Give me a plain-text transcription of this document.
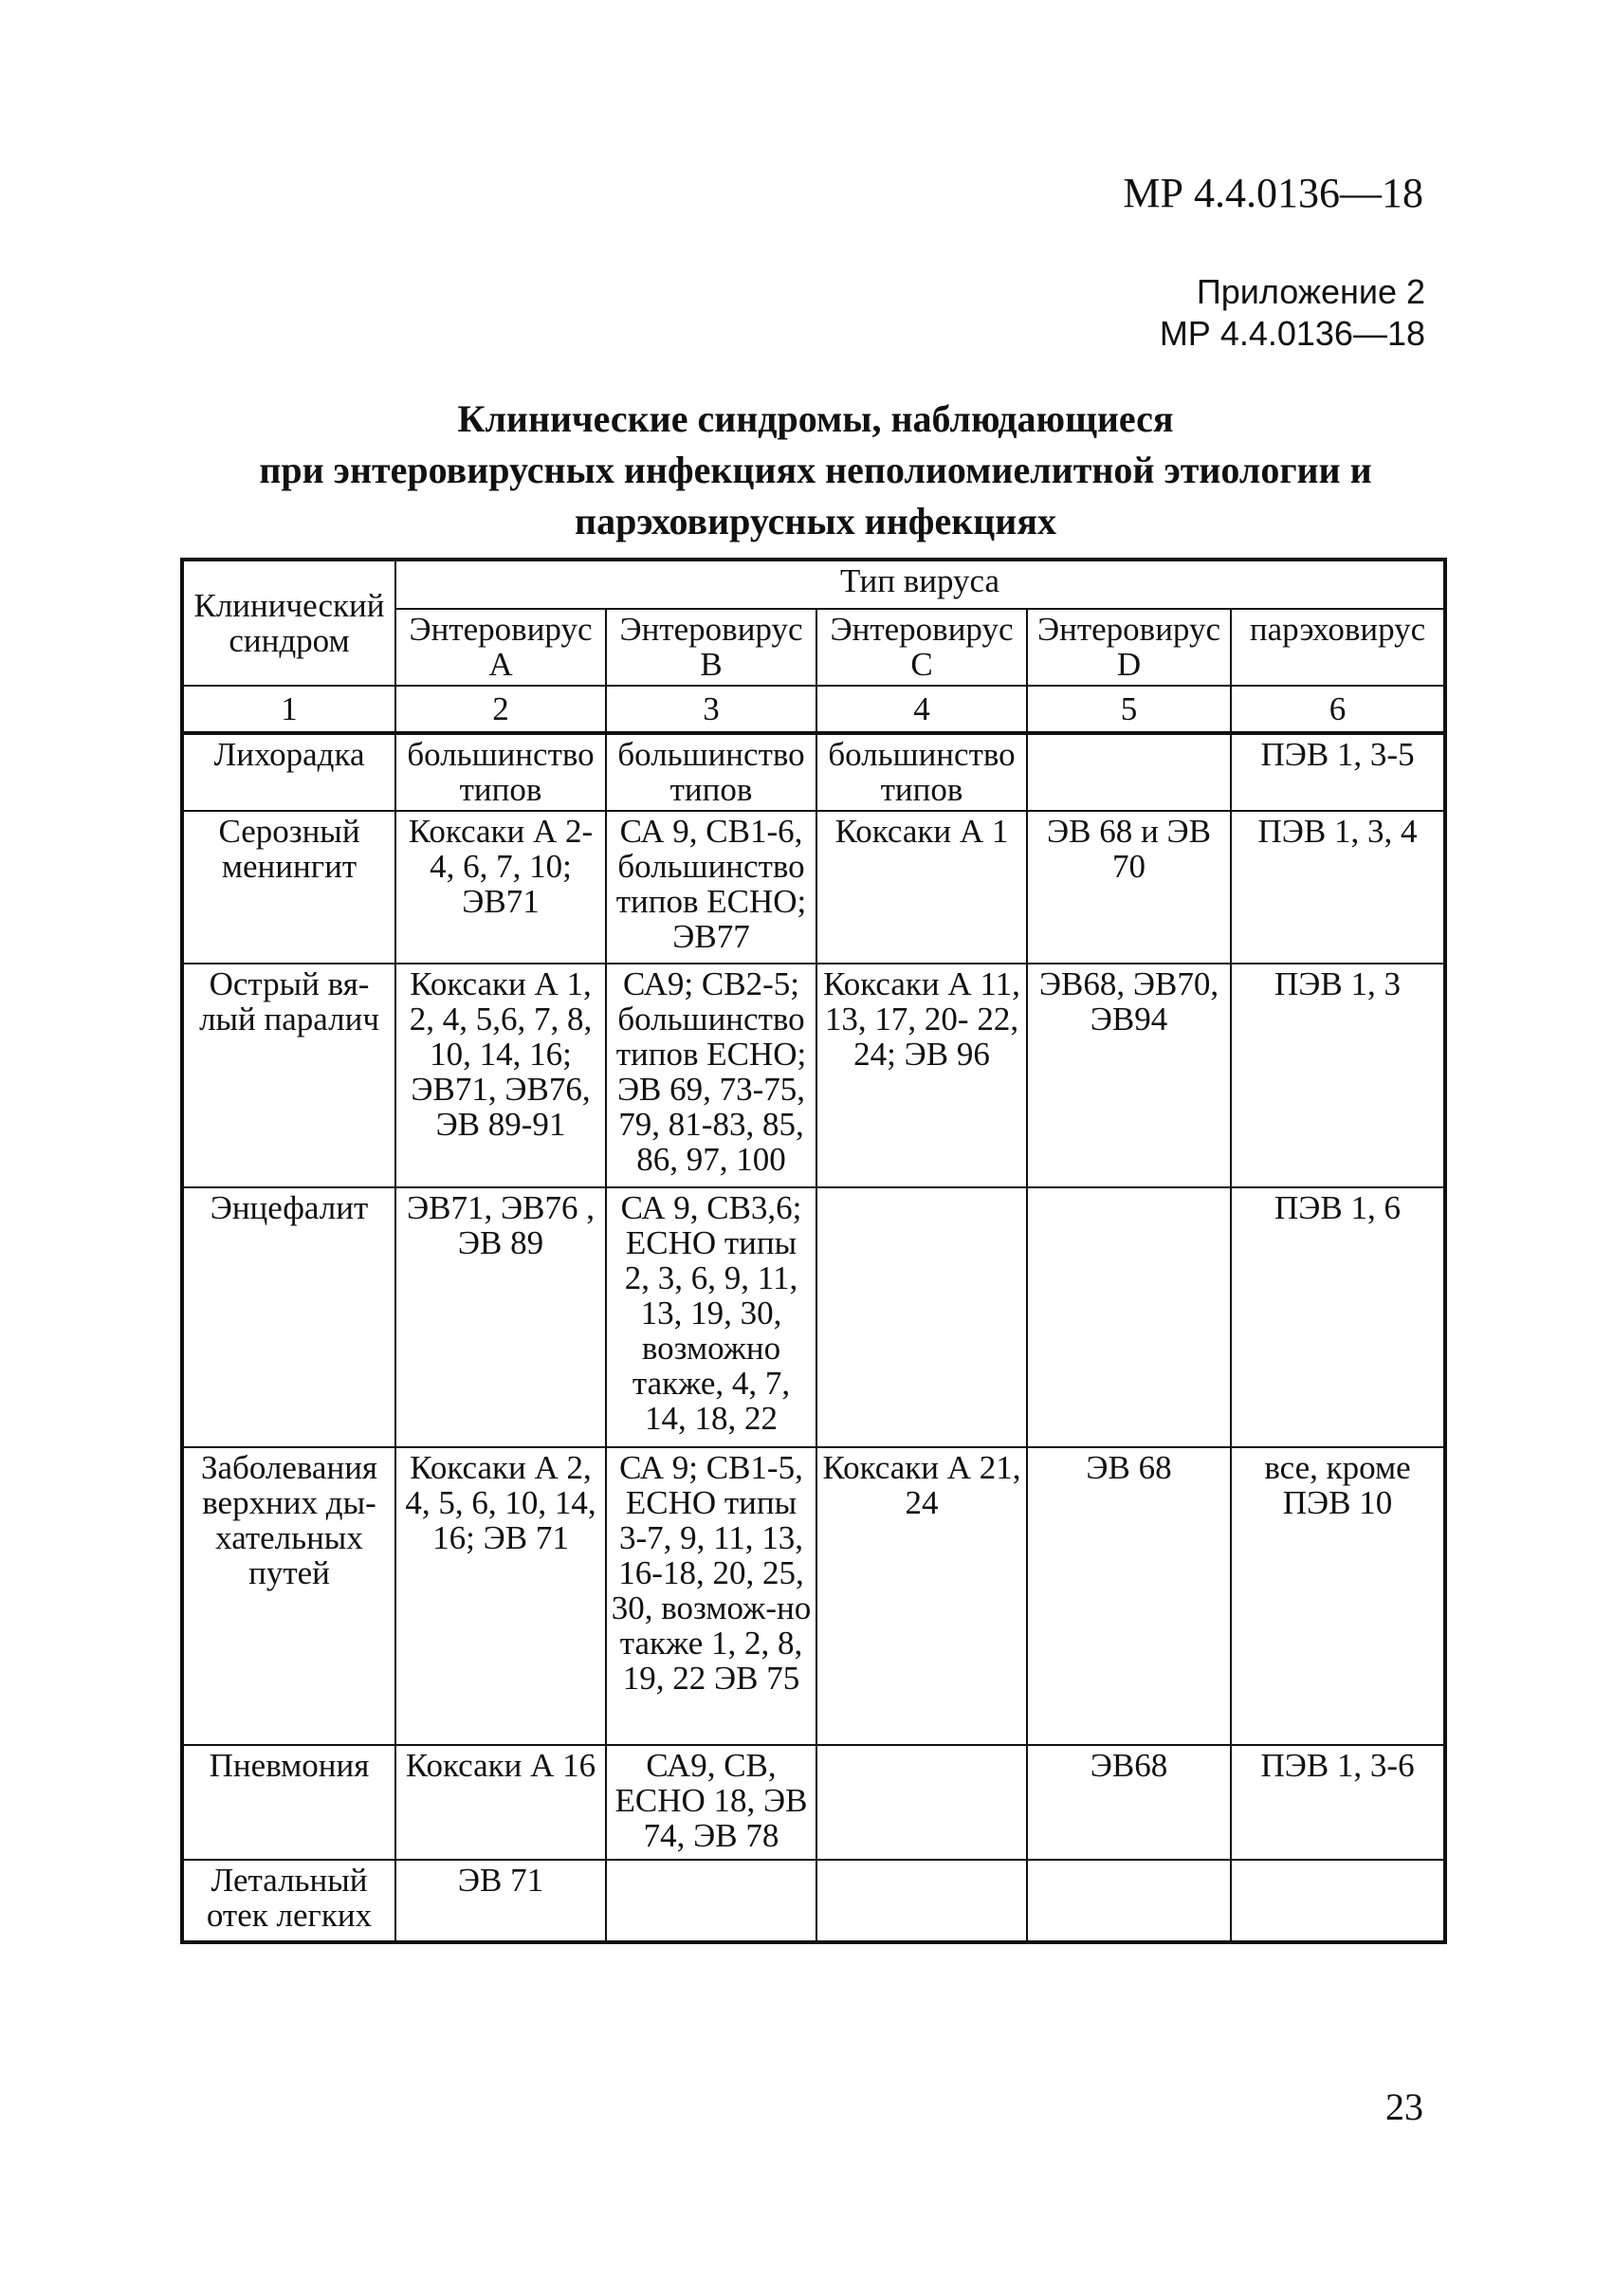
МР 4.4.0136—18
Приложение 2
МР 4.4.0136—18
Клинические синдромы, наблюдающиеся
при энтеровирусных инфекциях неполиомиелитной этиологии и
парэховирусных инфекциях
Клинический синдром	Тип вируса				
	Энтеровирус A	Энтеровирус B	Энтеровирус C	Энтеровирус D	парэховирус
1	2	3	4	5	6
Лихорадка	большинство типов	большинство типов	большинство типов		ПЭВ 1, 3-5
Серозный менингит	Коксаки А 2-4, 6, 7, 10; ЭВ71	СА 9, СВ1-6, большинство типов ECHO; ЭВ77	Коксаки А 1	ЭВ 68 и ЭВ 70	ПЭВ 1, 3, 4
Острый вя-лый паралич	Коксаки А 1, 2, 4, 5,6, 7, 8, 10, 14, 16; ЭВ71, ЭВ76, ЭВ 89-91	СА9; СВ2-5; большинство типов ECHO; ЭВ 69, 73-75, 79, 81-83, 85, 86, 97, 100	Коксаки А 11, 13, 17, 20- 22, 24; ЭВ 96	ЭВ68, ЭВ70, ЭВ94	ПЭВ 1, 3
Энцефалит	ЭВ71, ЭВ76 , ЭВ 89	СА 9, СВ3,6; ECHO типы 2, 3, 6, 9, 11, 13, 19, 30, возможно также, 4, 7, 14, 18, 22			ПЭВ 1, 6
Заболевания верхних ды-хательных путей	Коксаки А 2, 4, 5, 6, 10, 14, 16; ЭВ 71	СА 9; СВ1-5, ECHO типы 3-7, 9, 11, 13, 16-18, 20, 25, 30, возмож-но также 1, 2, 8, 19, 22 ЭВ 75	Коксаки А 21, 24	ЭВ 68	все, кроме ПЭВ 10
Пневмония	Коксаки А 16	СА9, СВ, ECHO 18, ЭВ 74, ЭВ 78		ЭВ68	ПЭВ 1, 3-6
Летальный отек легких	ЭВ 71				
23
